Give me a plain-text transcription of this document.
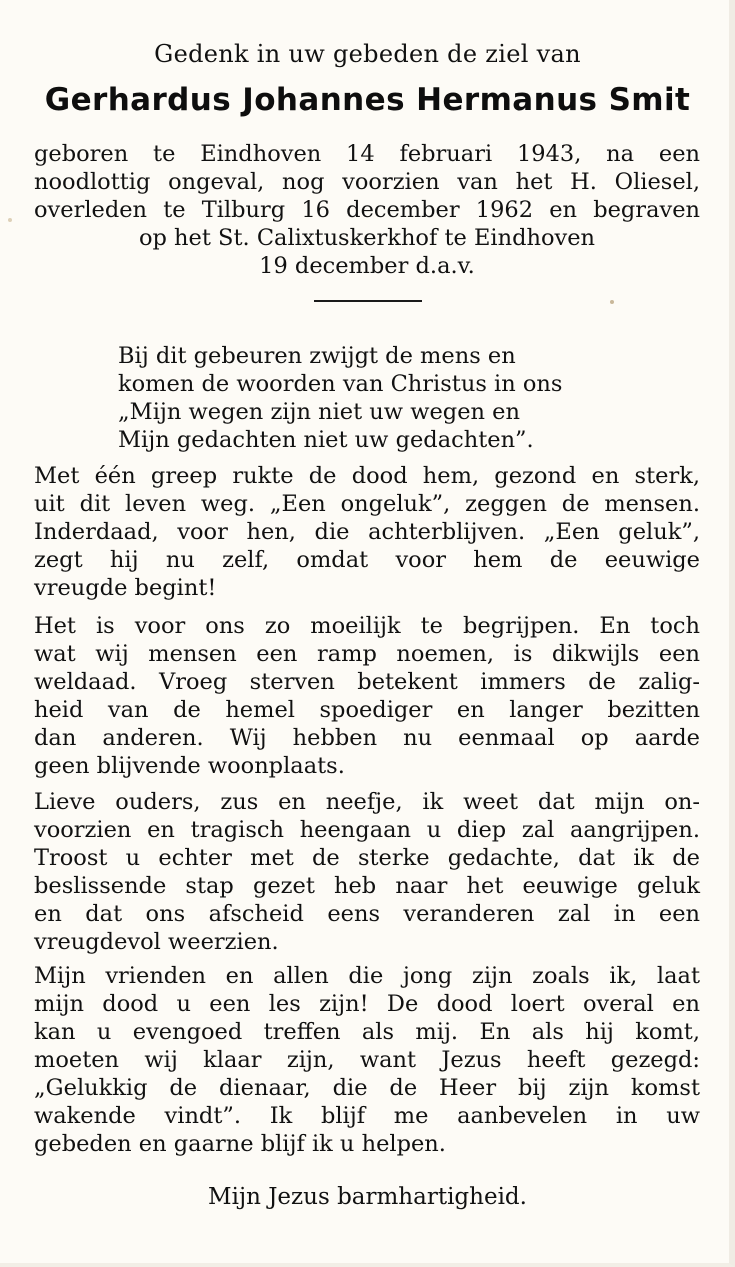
Gedenk in uw gebeden de ziel van
Gerhardus Johannes Hermanus Smit
geboren te Eindhoven 14 februari 1943, na een
noodlottig ongeval, nog voorzien van het H. Oliesel,
overleden te Tilburg 16 december 1962 en begraven
op het St. Calixtuskerkhof te Eindhoven
19 december d.a.v.
Bij dit gebeuren zwijgt de mens en
komen de woorden van Christus in ons
„Mijn wegen zijn niet uw wegen en
Mijn gedachten niet uw gedachten”.
Met één greep rukte de dood hem, gezond en sterk,
uit dit leven weg. „Een ongeluk”, zeggen de mensen.
Inderdaad, voor hen, die achterblijven. „Een geluk”,
zegt hij nu zelf, omdat voor hem de eeuwige
vreugde begint!
Het is voor ons zo moeilijk te begrijpen. En toch
wat wij mensen een ramp noemen, is dikwijls een
weldaad. Vroeg sterven betekent immers de zalig-
heid van de hemel spoediger en langer bezitten
dan anderen. Wij hebben nu eenmaal op aarde
geen blijvende woonplaats.
Lieve ouders, zus en neefje, ik weet dat mijn on-
voorzien en tragisch heengaan u diep zal aangrijpen.
Troost u echter met de sterke gedachte, dat ik de
beslissende stap gezet heb naar het eeuwige geluk
en dat ons afscheid eens veranderen zal in een
vreugdevol weerzien.
Mijn vrienden en allen die jong zijn zoals ik, laat
mijn dood u een les zijn! De dood loert overal en
kan u evengoed treffen als mij. En als hij komt,
moeten wij klaar zijn, want Jezus heeft gezegd:
„Gelukkig de dienaar, die de Heer bij zijn komst
wakende vindt”. Ik blijf me aanbevelen in uw
gebeden en gaarne blijf ik u helpen.
Mijn Jezus barmhartigheid.
